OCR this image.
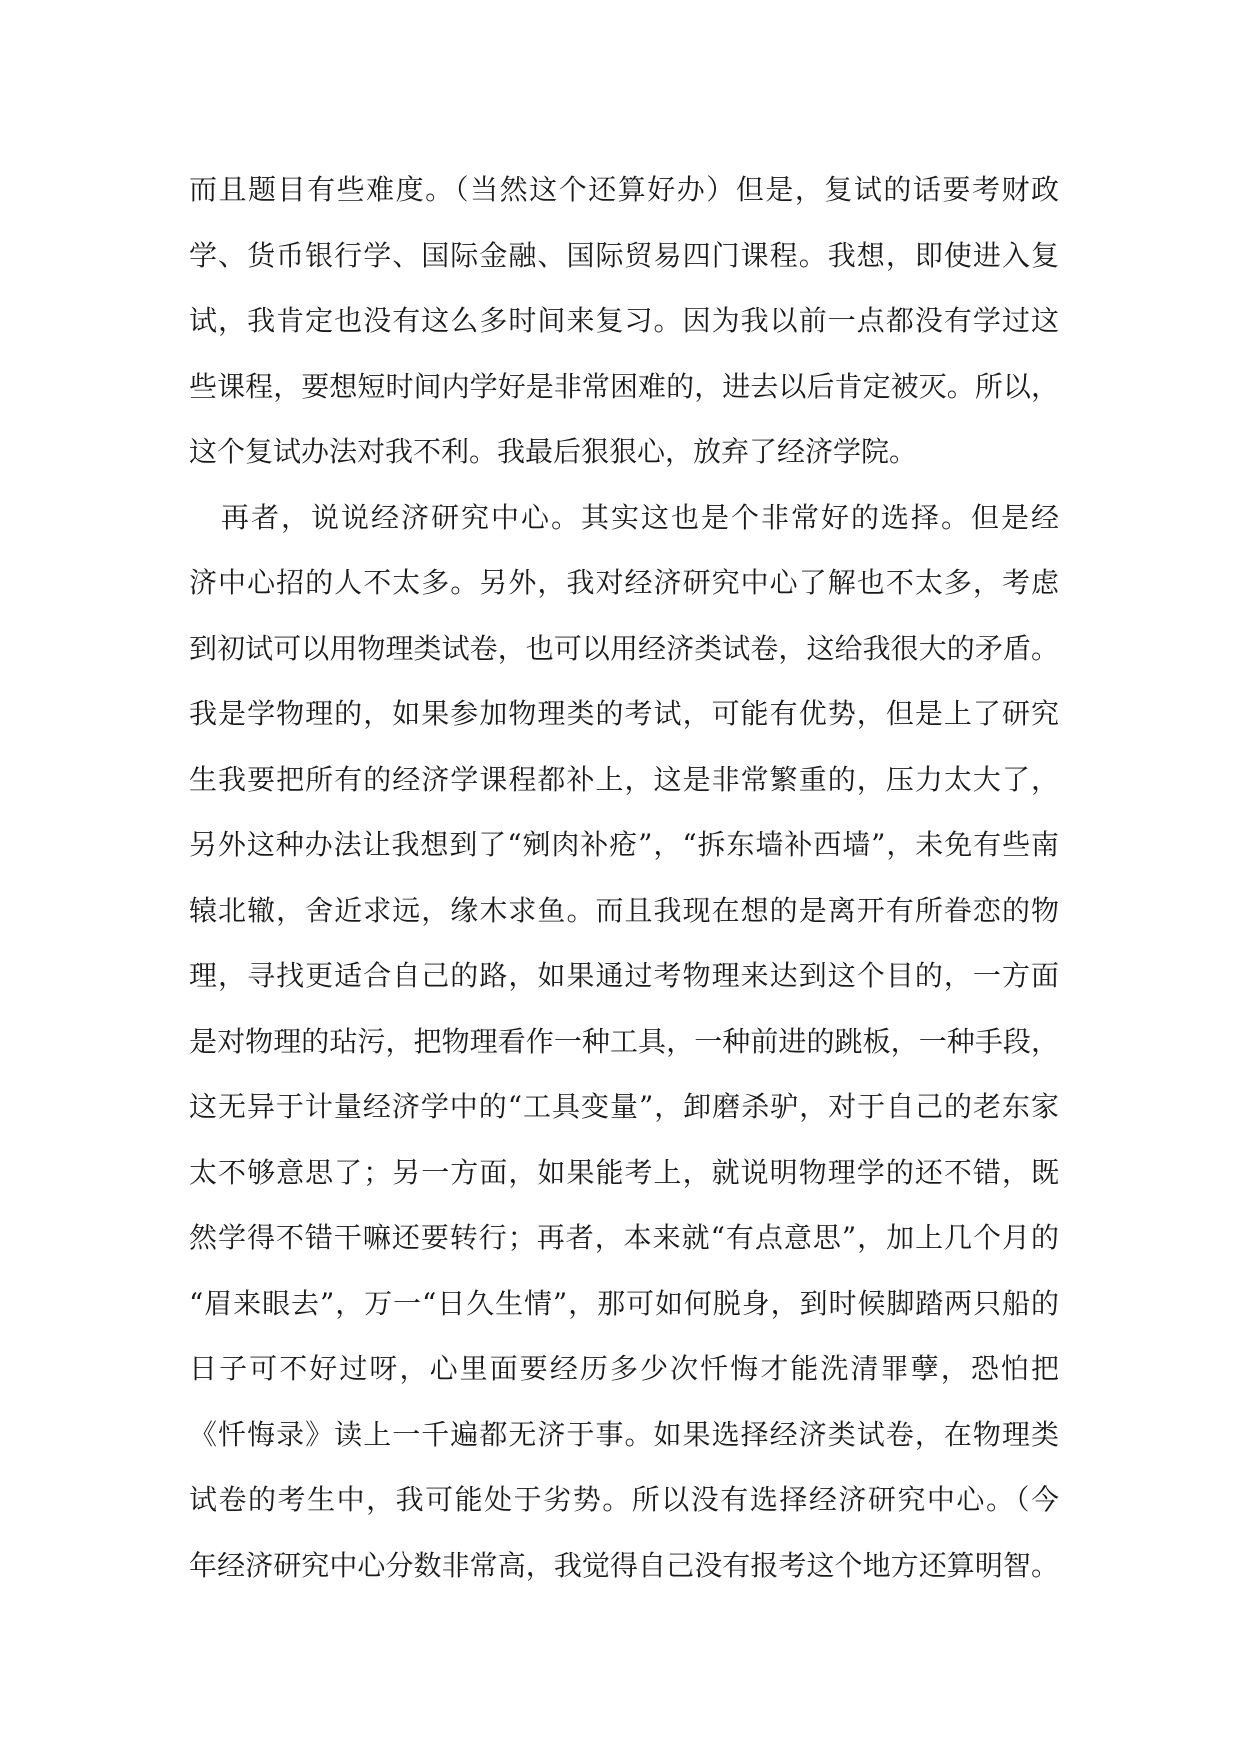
而且题目有些难度。（当然这个还算好办）但是，复试的话要考财政
学、货币银行学、国际金融、国际贸易四门课程。我想，即使进入复
试，我肯定也没有这么多时间来复习。因为我以前一点都没有学过这
些课程，要想短时间内学好是非常困难的，进去以后肯定被灭。所以，
这个复试办法对我不利。我最后狠狠心，放弃了经济学院。
再者，说说经济研究中心。其实这也是个非常好的选择。但是经
济中心招的人不太多。另外，我对经济研究中心了解也不太多，考虑
到初试可以用物理类试卷，也可以用经济类试卷，这给我很大的矛盾。
我是学物理的，如果参加物理类的考试，可能有优势，但是上了研究
生我要把所有的经济学课程都补上，这是非常繁重的，压力太大了，
另外这种办法让我想到了“剜肉补疮”，“拆东墙补西墙”，未免有些南
辕北辙，舍近求远，缘木求鱼。而且我现在想的是离开有所眷恋的物
理，寻找更适合自己的路，如果通过考物理来达到这个目的，一方面
是对物理的玷污，把物理看作一种工具，一种前进的跳板，一种手段，
这无异于计量经济学中的“工具变量”，卸磨杀驴，对于自己的老东家
太不够意思了；另一方面，如果能考上，就说明物理学的还不错，既
然学得不错干嘛还要转行；再者，本来就“有点意思”，加上几个月的
“眉来眼去”，万一“日久生情”，那可如何脱身，到时候脚踏两只船的
日子可不好过呀，心里面要经历多少次忏悔才能洗清罪孽，恐怕把
《忏悔录》读上一千遍都无济于事。如果选择经济类试卷，在物理类
试卷的考生中，我可能处于劣势。所以没有选择经济研究中心。（今
年经济研究中心分数非常高，我觉得自己没有报考这个地方还算明智。
